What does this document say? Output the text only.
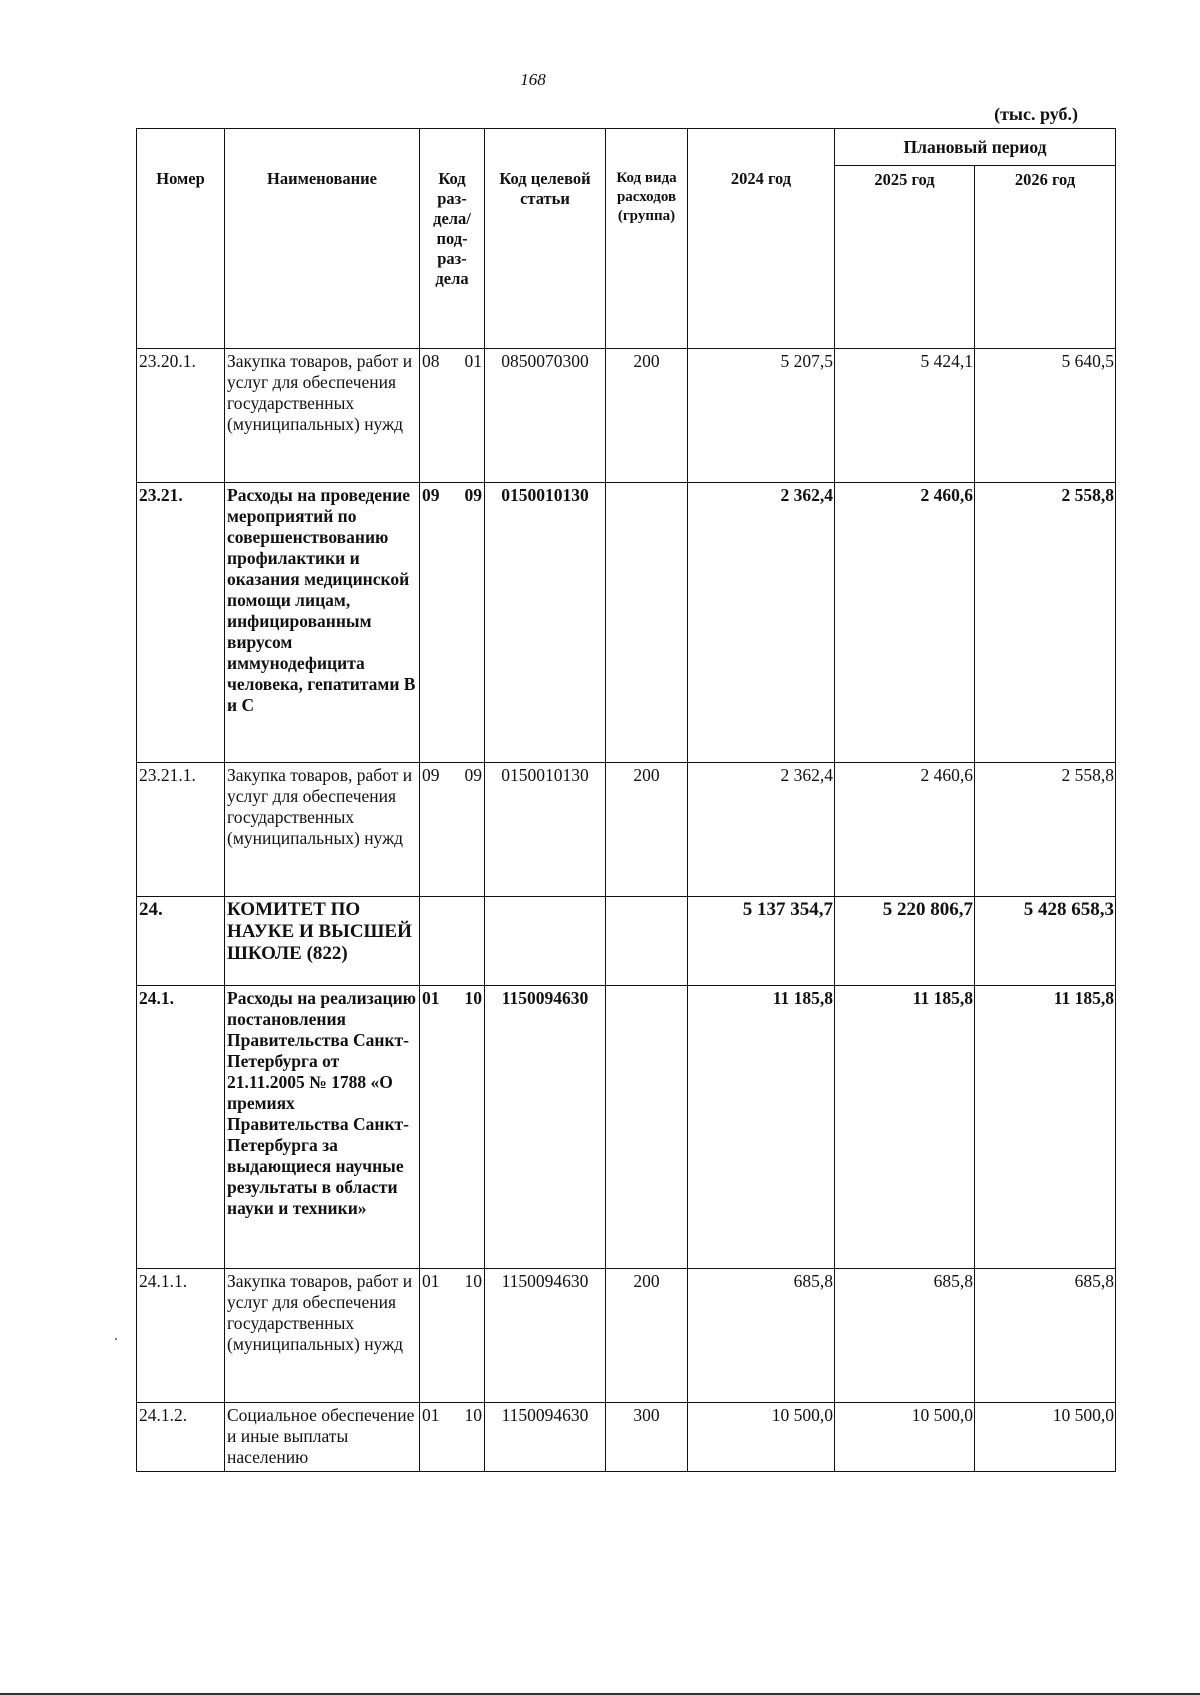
168
(тыс. руб.)
Номер	Наименование	Код раз-дела/ под-раз-дела	Код целевой статьи	Код вида расходов (группа)	2024 год	Плановый период	
						2025 год	2026 год
23.20.1.	Закупка товаров, работ и услуг для обеспечения государственных (муниципальных) нужд	08 01	0850070300	200	5 207,5	5 424,1	5 640,5
23.21.	Расходы на проведение мероприятий по совершенствованию профилактики и оказания медицинской помощи лицам, инфицированным вирусом иммунодефицита человека, гепатитами В и С	09 09	0150010130		2 362,4	2 460,6	2 558,8
23.21.1.	Закупка товаров, работ и услуг для обеспечения государственных (муниципальных) нужд	09 09	0150010130	200	2 362,4	2 460,6	2 558,8
24.	КОМИТЕТ ПО НАУКЕ И ВЫСШЕЙ ШКОЛЕ (822)				5 137 354,7	5 220 806,7	5 428 658,3
24.1.	Расходы на реализацию постановления Правительства Санкт-Петербурга от 21.11.2005 № 1788 «О премиях Правительства Санкт-Петербурга за выдающиеся научные результаты в области науки и техники»	01 10	1150094630		11 185,8	11 185,8	11 185,8
24.1.1.	Закупка товаров, работ и услуг для обеспечения государственных (муниципальных) нужд	01 10	1150094630	200	685,8	685,8	685,8
24.1.2.	Социальное обеспечение и иные выплаты населению	01 10	1150094630	300	10 500,0	10 500,0	10 500,0
